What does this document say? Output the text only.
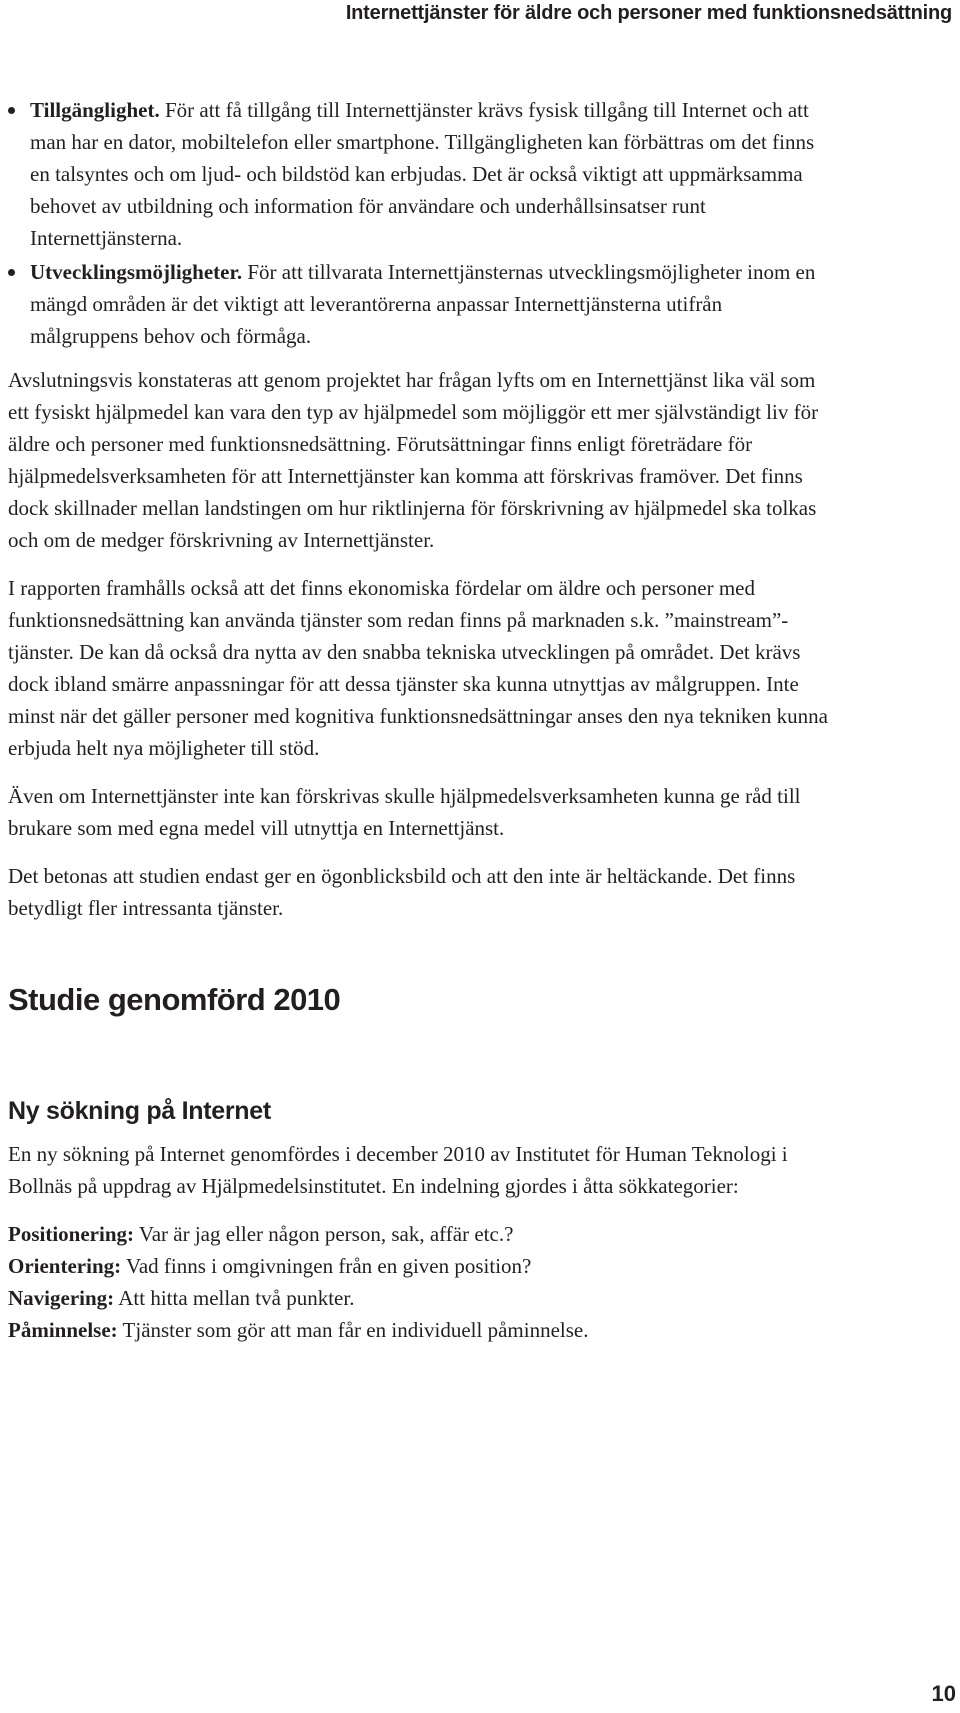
Internettjänster för äldre och personer med funktionsnedsättning
Tillgänglighet. För att få tillgång till Internettjänster krävs fysisk tillgång till Internet och att man har en dator, mobiltelefon eller smartphone. Tillgängligheten kan förbättras om det finns en talsyntes och om ljud- och bildstöd kan erbjudas. Det är också viktigt att uppmärksamma behovet av utbildning och information för användare och underhållsinsatser runt Internettjänsterna.
Utvecklingsmöjligheter. För att tillvarata Internettjänsternas utvecklingsmöjligheter inom en mängd områden är det viktigt att leverantörerna anpassar Internettjänsterna utifrån målgruppens behov och förmåga.

Avslutningsvis konstateras att genom projektet har frågan lyfts om en Internettjänst lika väl som ett fysiskt hjälpmedel kan vara den typ av hjälpmedel som möjliggör ett mer självständigt liv för äldre och personer med funktionsnedsättning. Förutsättningar finns enligt företrädare för hjälpmedelsverksamheten för att Internettjänster kan komma att förskrivas framöver. Det finns dock skillnader mellan landstingen om hur riktlinjerna för förskrivning av hjälpmedel ska tolkas och om de medger förskrivning av Internettjänster.

I rapporten framhålls också att det finns ekonomiska fördelar om äldre och personer med funktionsnedsättning kan använda tjänster som redan finns på marknaden s.k. ”mainstream”-tjänster. De kan då också dra nytta av den snabba tekniska utvecklingen på området. Det krävs dock ibland smärre anpassningar för att dessa tjänster ska kunna utnyttjas av målgruppen. Inte minst när det gäller personer med kognitiva funktionsnedsättningar anses den nya tekniken kunna erbjuda helt nya möjligheter till stöd.

Även om Internettjänster inte kan förskrivas skulle hjälpmedelsverksamheten kunna ge råd till brukare som med egna medel vill utnyttja en Internettjänst.

Det betonas att studien endast ger en ögonblicksbild och att den inte är heltäckande. Det finns betydligt fler intressanta tjänster.

Studie genomförd 2010
Ny sökning på Internet

En ny sökning på Internet genomfördes i december 2010 av Institutet för Human Teknologi i Bollnäs på uppdrag av Hjälpmedelsinstitutet. En indelning gjordes i åtta sökkategorier:

Positionering: Var är jag eller någon person, sak, affär etc.?

Orientering: Vad finns i omgivningen från en given position?

Navigering: Att hitta mellan två punkter.

Påminnelse: Tjänster som gör att man får en individuell påminnelse.

10
